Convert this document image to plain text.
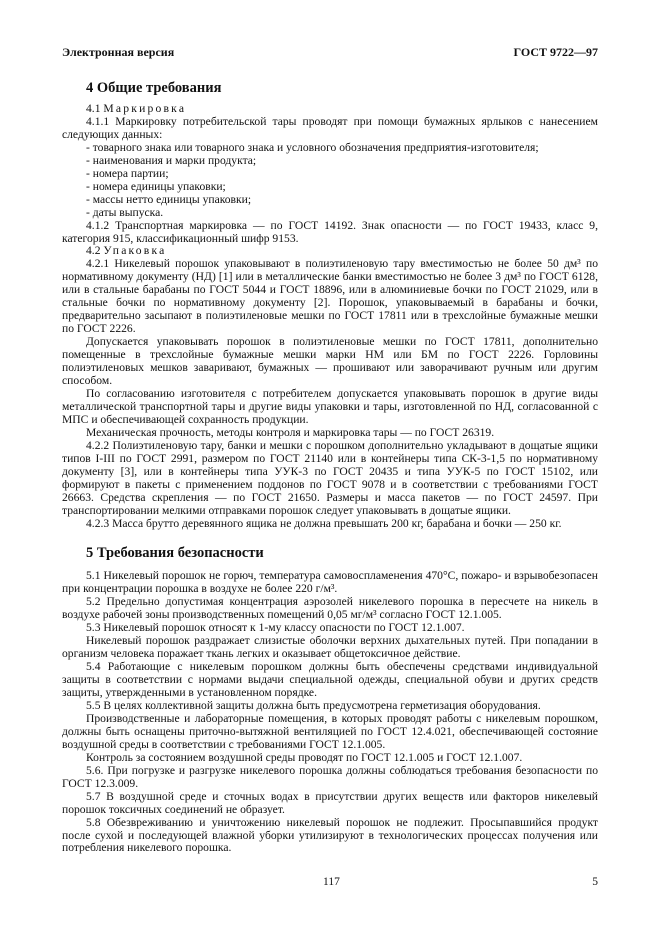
Электронная версия	ГОСТ 9722—97
4 Общие требования

4.1 Маркировка

4.1.1 Маркировку потребительской тары проводят при помощи бумажных ярлыков с нанесением следующих данных:

- товарного знака или товарного знака и условного обозначения предприятия-изготовителя;

- наименования и марки продукта;

- номера партии;

- номера единицы упаковки;

- массы нетто единицы упаковки;

- даты выпуска.

4.1.2 Транспортная маркировка — по ГОСТ 14192. Знак опасности — по ГОСТ 19433, класс 9, категория 915, классификационный шифр 9153.

4.2 Упаковка

4.2.1 Никелевый порошок упаковывают в полиэтиленовую тару вместимостью не более 50 дм³ по нормативному документу (НД) [1] или в металлические банки вместимостью не более 3 дм³ по ГОСТ 6128, или в стальные барабаны по ГОСТ 5044 и ГОСТ 18896, или в алюминиевые бочки по ГОСТ 21029, или в стальные бочки по нормативному документу [2]. Порошок, упаковываемый в барабаны и бочки, предварительно засыпают в полиэтиленовые мешки по ГОСТ 17811 или в трехслойные бумажные мешки по ГОСТ 2226.

Допускается упаковывать порошок в полиэтиленовые мешки по ГОСТ 17811, дополнительно помещенные в трехслойные бумажные мешки марки НМ или БМ по ГОСТ 2226. Горловины полиэтиленовых мешков заваривают, бумажных — прошивают или заворачивают ручным или другим способом.

По согласованию изготовителя с потребителем допускается упаковывать порошок в другие виды металлической транспортной тары и другие виды упаковки и тары, изготовленной по НД, согласованной с МПС и обеспечивающей сохранность продукции.

Механическая прочность, методы контроля и маркировка тары — по ГОСТ 26319.

4.2.2 Полиэтиленовую тару, банки и мешки с порошком дополнительно укладывают в дощатые ящики типов I-III по ГОСТ 2991, размером по ГОСТ 21140 или в контейнеры типа СК-3-1,5 по нормативному документу [3], или в контейнеры типа УУК-3 по ГОСТ 20435 и типа УУК-5 по ГОСТ 15102, или формируют в пакеты с применением поддонов по ГОСТ 9078 и в соответствии с требованиями ГОСТ 26663. Средства скрепления — по ГОСТ 21650. Размеры и масса пакетов — по ГОСТ 24597. При транспортировании мелкими отправками порошок следует упаковывать в дощатые ящики.

4.2.3 Масса брутто деревянного ящика не должна превышать 200 кг, барабана и бочки — 250 кг.

5 Требования безопасности

5.1 Никелевый порошок не горюч, температура самовоспламенения 470°С, пожаро- и взрывобезопасен при концентрации порошка в воздухе не более 220 г/м³.

5.2 Предельно допустимая концентрация аэрозолей никелевого порошка в пересчете на никель в воздухе рабочей зоны производственных помещений 0,05 мг/м³ согласно ГОСТ 12.1.005.

5.3 Никелевый порошок относят к 1-му классу опасности по ГОСТ 12.1.007.

Никелевый порошок раздражает слизистые оболочки верхних дыхательных путей. При попадании в организм человека поражает ткань легких и оказывает общетоксичное действие.

5.4 Работающие с никелевым порошком должны быть обеспечены средствами индивидуальной защиты в соответствии с нормами выдачи специальной одежды, специальной обуви и других средств защиты, утвержденными в установленном порядке.

5.5 В целях коллективной защиты должна быть предусмотрена герметизация оборудования.

Производственные и лабораторные помещения, в которых проводят работы с никелевым порошком, должны быть оснащены приточно-вытяжной вентиляцией по ГОСТ 12.4.021, обеспечивающей состояние воздушной среды в соответствии с требованиями ГОСТ 12.1.005.

Контроль за состоянием воздушной среды проводят по ГОСТ 12.1.005 и ГОСТ 12.1.007.

5.6. При погрузке и разгрузке никелевого порошка должны соблюдаться требования безопасности по ГОСТ 12.3.009.

5.7 В воздушной среде и сточных водах в присутствии других веществ или факторов никелевый порошок токсичных соединений не образует.

5.8 Обезвреживанию и уничтожению никелевый порошок не подлежит. Просыпавшийся продукт после сухой и последующей влажной уборки утилизируют в технологических процессах получения или потребления никелевого порошка.

117	5
